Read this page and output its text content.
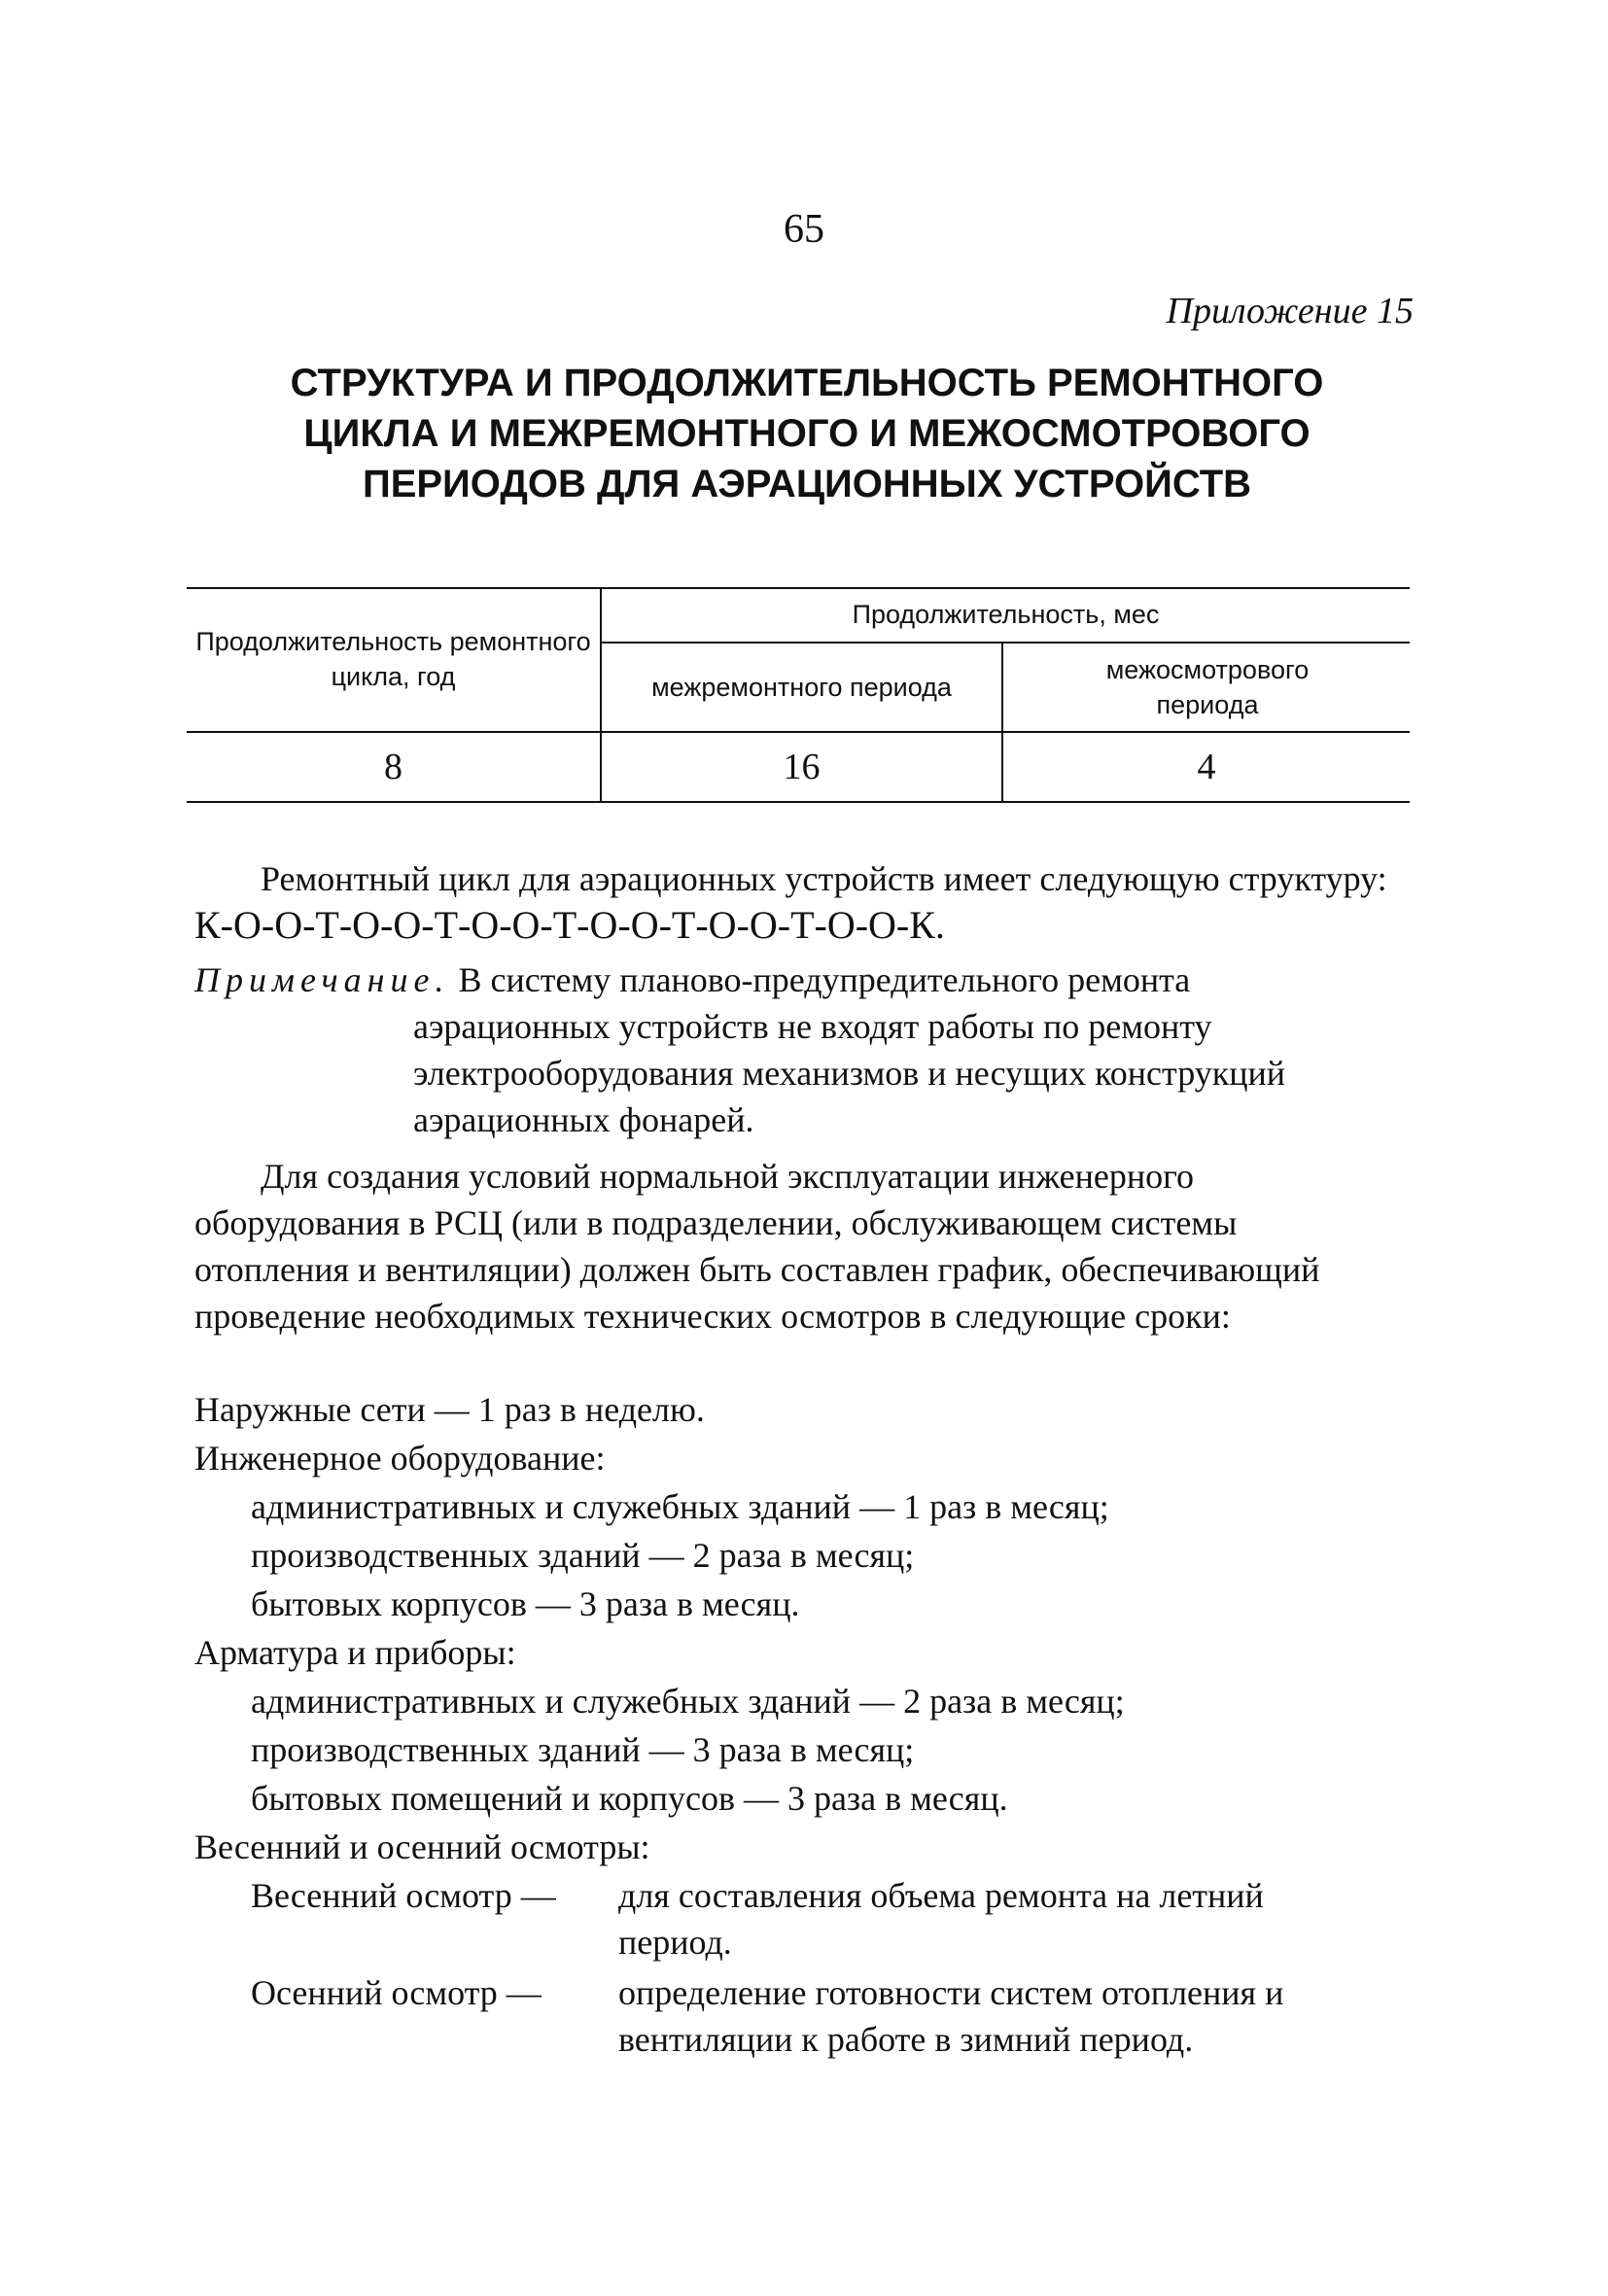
65
Приложение 15
СТРУКТУРА И ПРОДОЛЖИТЕЛЬНОСТЬ РЕМОНТНОГО
ЦИКЛА И МЕЖРЕМОНТНОГО И МЕЖОСМОТРОВОГО
ПЕРИОДОВ ДЛЯ АЭРАЦИОННЫХ УСТРОЙСТВ
Продолжительность ремонтного цикла, год
Продолжительность, мес
межремонтного периода
межосмотрового периода
8	16	4

Ремонтный цикл для аэрационных устройств имеет следующую структуру: К-О-О-Т-О-О-Т-О-О-Т-О-О-Т-О-О-Т-О-О-К.

Примечание. В систему планово-предупредительного ремонта
аэрационных устройств не входят работы по ремонту электрооборудования механизмов и несущих конструкций аэрационных фонарей.

Для создания условий нормальной эксплуатации инженерного оборудования в РСЦ (или в подразделении, обслуживающем системы отопления и вентиляции) должен быть составлен график, обеспечивающий проведение необходимых технических осмотров в следующие сроки:

Наружные сети — 1 раз в неделю.
Инженерное оборудование:
административных и служебных зданий — 1 раз в месяц;
производственных зданий — 2 раза в месяц;
бытовых корпусов — 3 раза в месяц.
Арматура и приборы:
административных и служебных зданий — 2 раза в месяц;
производственных зданий — 3 раза в месяц;
бытовых помещений и корпусов — 3 раза в месяц.
Весенний и осенний осмотры:
Весенний осмотр — для составления объема ремонта на летний период.
Осенний осмотр — определение готовности систем отопления и вентиляции к работе в зимний период.
